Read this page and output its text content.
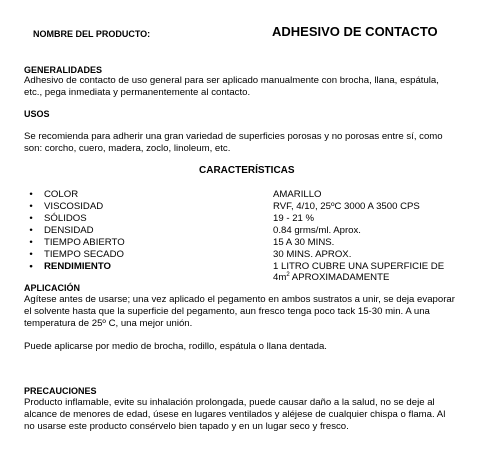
NOMBRE DEL PRODUCTO:	ADHESIVO DE CONTACTO
GENERALIDADES
Adhesivo de contacto de uso general para ser aplicado manualmente con brocha, llana, espátula,
etc., pega inmediata y permanentemente al contacto.
USOS
Se recomienda para adherir una gran variedad de superficies porosas y no porosas entre sí, como
son: corcho, cuero, madera, zoclo, linoleum, etc.
CARACTERÍSTICAS
•	COLOR	AMARILLO
•	VISCOSIDAD	RVF, 4/10, 25ºC 3000 A 3500 CPS
•	SÓLIDOS	19 - 21 %
•	DENSIDAD	0.84 grms/ml. Aprox.
•	TIEMPO ABIERTO	15 A 30 MINS.
•	TIEMPO SECADO	30 MINS. APROX.
•	RENDIMIENTO	1 LITRO CUBRE UNA SUPERFICIE DE
$4m^2$ APROXIMADAMENTE
APLICACIÓN
Agítese antes de usarse; una vez aplicado el pegamento en ambos sustratos a unir, se deja evaporar
el solvente hasta que la superficie del pegamento, aun fresco tenga poco tack 15-30 min. A una
temperatura de 25º C, una mejor unión.
Puede aplicarse por medio de brocha, rodillo, espátula o llana dentada.
PRECAUCIONES
Producto inflamable, evite su inhalación prolongada, puede causar daño a la salud, no se deje al
alcance de menores de edad, úsese en lugares ventilados y aléjese de cualquier chispa o flama. Al
no usarse este producto consérvelo bien tapado y en un lugar seco y fresco.
